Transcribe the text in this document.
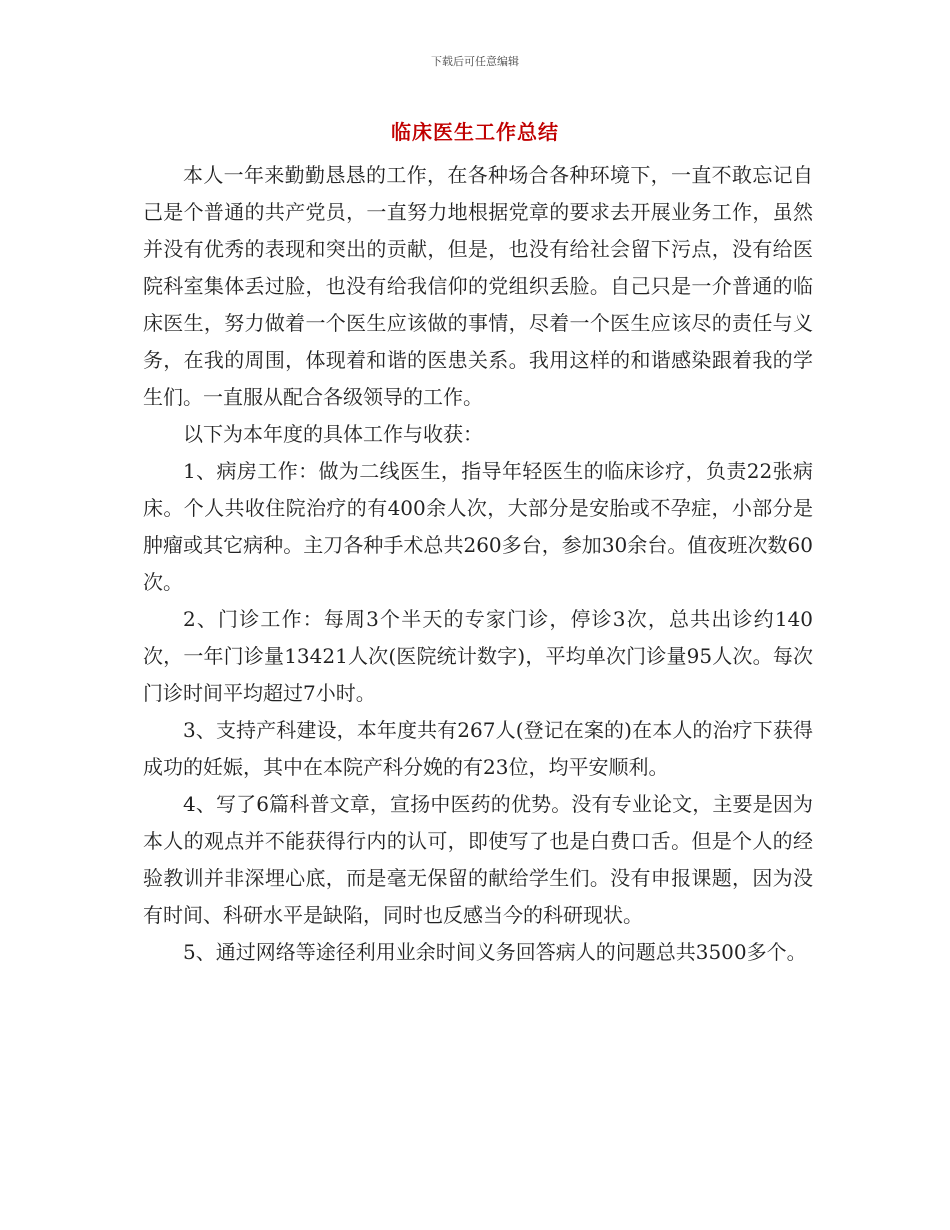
下载后可任意编辑
临床医生工作总结

本人一年来勤勤恳恳的工作，在各种场合各种环境下，一直不敢忘记自己是个普通的共产党员，一直努力地根据党章的要求去开展业务工作，虽然并没有优秀的表现和突出的贡献，但是，也没有给社会留下污点，没有给医院科室集体丢过脸，也没有给我信仰的党组织丢脸。自己只是一介普通的临床医生，努力做着一个医生应该做的事情，尽着一个医生应该尽的责任与义务，在我的周围，体现着和谐的医患关系。我用这样的和谐感染跟着我的学生们。一直服从配合各级领导的工作。

以下为本年度的具体工作与收获：

1、病房工作：做为二线医生，指导年轻医生的临床诊疗，负责22张病床。个人共收住院治疗的有400余人次，大部分是安胎或不孕症，小部分是肿瘤或其它病种。主刀各种手术总共260多台，参加30余台。值夜班次数60次。

2、门诊工作：每周3个半天的专家门诊，停诊3次，总共出诊约140次，一年门诊量13421人次(医院统计数字)，平均单次门诊量95人次。每次门诊时间平均超过7小时。

3、支持产科建设，本年度共有267人(登记在案的)在本人的治疗下获得成功的妊娠，其中在本院产科分娩的有23位，均平安顺利。

4、写了6篇科普文章，宣扬中医药的优势。没有专业论文，主要是因为本人的观点并不能获得行内的认可，即使写了也是白费口舌。但是个人的经验教训并非深埋心底，而是毫无保留的献给学生们。没有申报课题，因为没有时间、科研水平是缺陷，同时也反感当今的科研现状。

5、通过网络等途径利用业余时间义务回答病人的问题总共3500多个。
